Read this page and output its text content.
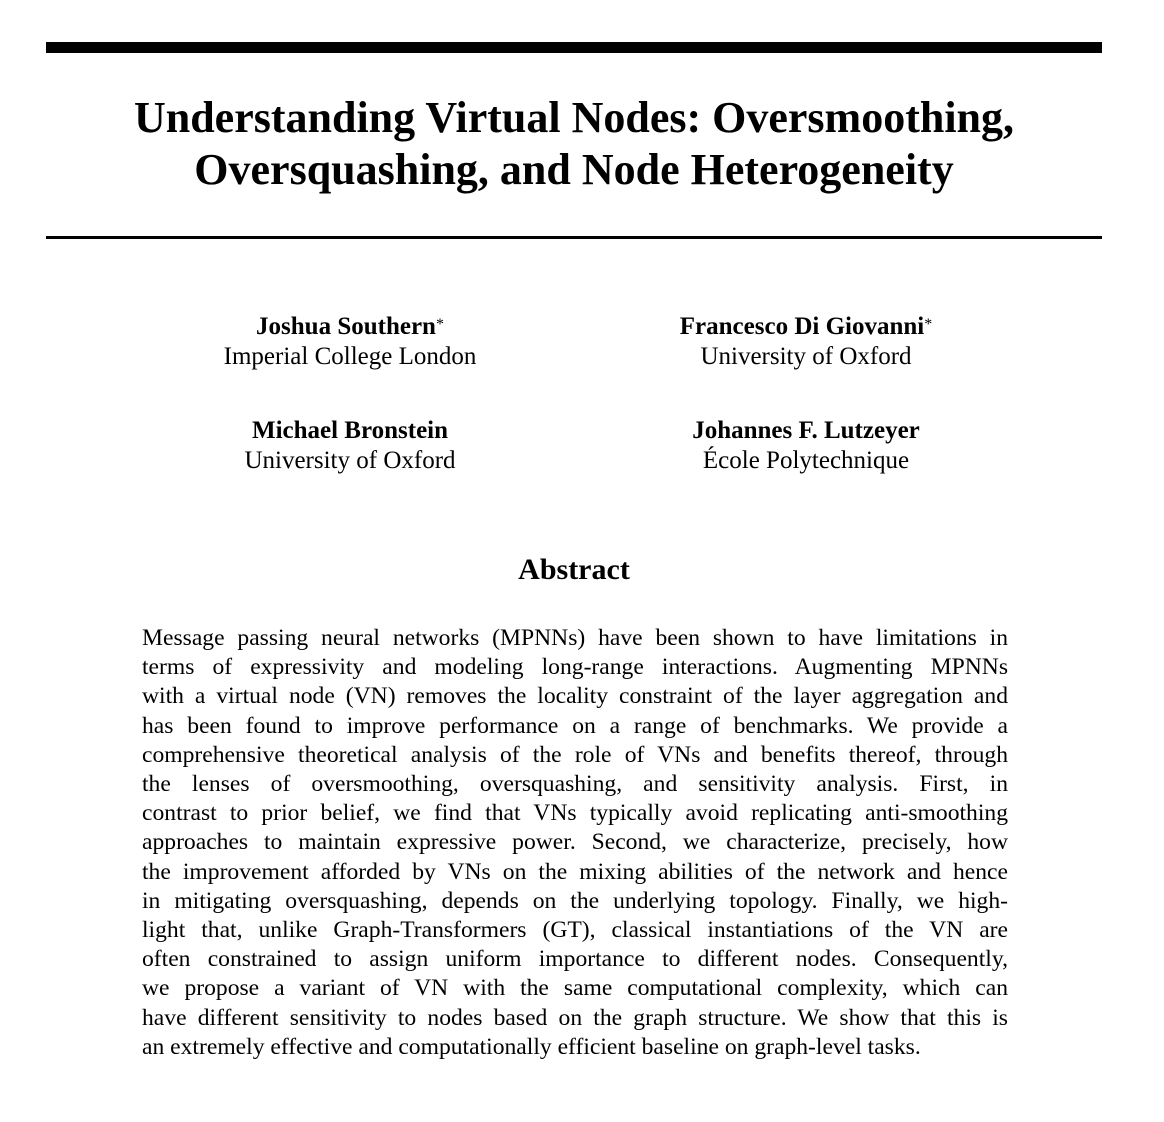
Understanding Virtual Nodes: Oversmoothing,
Oversquashing, and Node Heterogeneity
Joshua Southern*
Imperial College London
Francesco Di Giovanni*
University of Oxford
Michael Bronstein
University of Oxford
Johannes F. Lutzeyer
École Polytechnique
Abstract
Message passing neural networks (MPNNs) have been shown to have limitations in
terms of expressivity and modeling long-range interactions. Augmenting MPNNs
with a virtual node (VN) removes the locality constraint of the layer aggregation and
has been found to improve performance on a range of benchmarks. We provide a
comprehensive theoretical analysis of the role of VNs and benefits thereof, through
the lenses of oversmoothing, oversquashing, and sensitivity analysis. First, in
contrast to prior belief, we find that VNs typically avoid replicating anti-smoothing
approaches to maintain expressive power. Second, we characterize, precisely, how
the improvement afforded by VNs on the mixing abilities of the network and hence
in mitigating oversquashing, depends on the underlying topology. Finally, we high-
light that, unlike Graph-Transformers (GT), classical instantiations of the VN are
often constrained to assign uniform importance to different nodes. Consequently,
we propose a variant of VN with the same computational complexity, which can
have different sensitivity to nodes based on the graph structure. We show that this is
an extremely effective and computationally efficient baseline on graph-level tasks.
